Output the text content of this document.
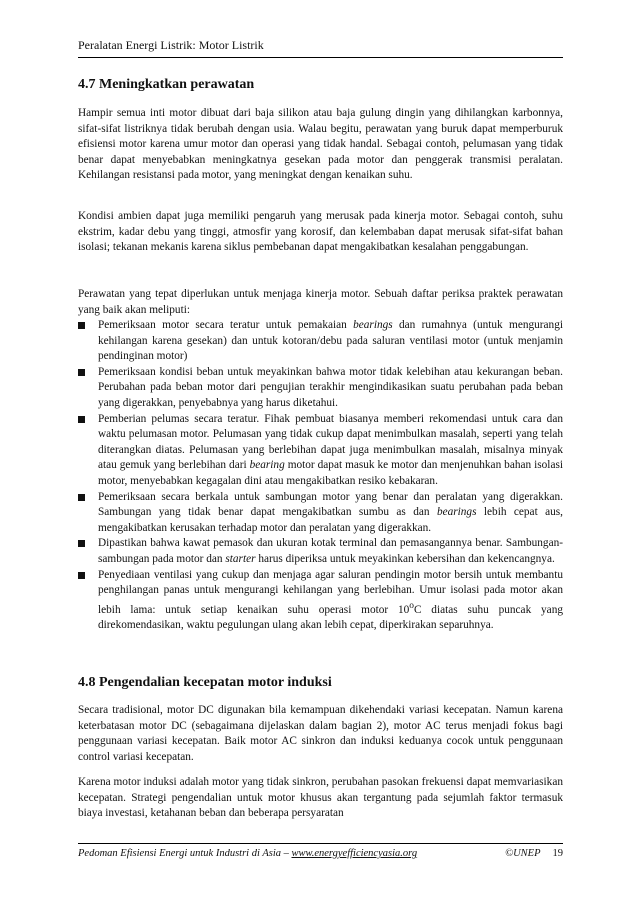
Peralatan Energi Listrik: Motor Listrik
4.7 Meningkatkan perawatan

Hampir semua inti motor dibuat dari baja silikon atau baja gulung dingin yang dihilangkan karbonnya, sifat-sifat listriknya tidak berubah dengan usia. Walau begitu, perawatan yang buruk dapat memperburuk efisiensi motor karena umur motor dan operasi yang tidak handal. Sebagai contoh, pelumasan yang tidak benar dapat menyebabkan meningkatnya gesekan pada motor dan penggerak transmisi peralatan. Kehilangan resistansi pada motor, yang meningkat dengan kenaikan suhu.

Kondisi ambien dapat juga memiliki pengaruh yang merusak pada kinerja motor. Sebagai contoh, suhu ekstrim, kadar debu yang tinggi, atmosfir yang korosif, dan kelembaban dapat merusak sifat-sifat bahan isolasi; tekanan mekanis karena siklus pembebanan dapat mengakibatkan kesalahan penggabungan.

Perawatan yang tepat diperlukan untuk menjaga kinerja motor. Sebuah daftar periksa praktek perawatan yang baik akan meliputi:

Pemeriksaan motor secara teratur untuk pemakaian bearings dan rumahnya (untuk mengurangi kehilangan karena gesekan) dan untuk kotoran/debu pada saluran ventilasi motor (untuk menjamin pendinginan motor)
Pemeriksaan kondisi beban untuk meyakinkan bahwa motor tidak kelebihan atau kekurangan beban. Perubahan pada beban motor dari pengujian terakhir mengindikasikan suatu perubahan pada beban yang digerakkan, penyebabnya yang harus diketahui.
Pemberian pelumas secara teratur. Fihak pembuat biasanya memberi rekomendasi untuk cara dan waktu pelumasan motor. Pelumasan yang tidak cukup dapat menimbulkan masalah, seperti yang telah diterangkan diatas. Pelumasan yang berlebihan dapat juga menimbulkan masalah, misalnya minyak atau gemuk yang berlebihan dari bearing motor dapat masuk ke motor dan menjenuhkan bahan isolasi motor, menyebabkan kegagalan dini atau mengakibatkan resiko kebakaran.
Pemeriksaan secara berkala untuk sambungan motor yang benar dan peralatan yang digerakkan. Sambungan yang tidak benar dapat mengakibatkan sumbu as dan bearings lebih cepat aus, mengakibatkan kerusakan terhadap motor dan peralatan yang digerakkan.
Dipastikan bahwa kawat pemasok dan ukuran kotak terminal dan pemasangannya benar. Sambungan-sambungan pada motor dan starter harus diperiksa untuk meyakinkan kebersihan dan kekencangnya.
Penyediaan ventilasi yang cukup dan menjaga agar saluran pendingin motor bersih untuk membantu penghilangan panas untuk mengurangi kehilangan yang berlebihan. Umur isolasi pada motor akan lebih lama: untuk setiap kenaikan suhu operasi motor 10$^o$C diatas suhu puncak yang direkomendasikan, waktu pegulungan ulang akan lebih cepat, diperkirakan separuhnya.
4.8 Pengendalian kecepatan motor induksi

Secara tradisional, motor DC digunakan bila kemampuan dikehendaki variasi kecepatan. Namun karena keterbatasan motor DC (sebagaimana dijelaskan dalam bagian 2), motor AC terus menjadi fokus bagi penggunaan variasi kecepatan. Baik motor AC sinkron dan induksi keduanya cocok untuk penggunaan control variasi kecepatan.

Karena motor induksi adalah motor yang tidak sinkron, perubahan pasokan frekuensi dapat memvariasikan kecepatan. Strategi pengendalian untuk motor khusus akan tergantung pada sejumlah faktor termasuk biaya investasi, ketahanan beban dan beberapa persyaratan

Pedoman Efisiensi Energi untuk Industri di Asia – www.energyefficiencyasia.org	©UNEP 19
